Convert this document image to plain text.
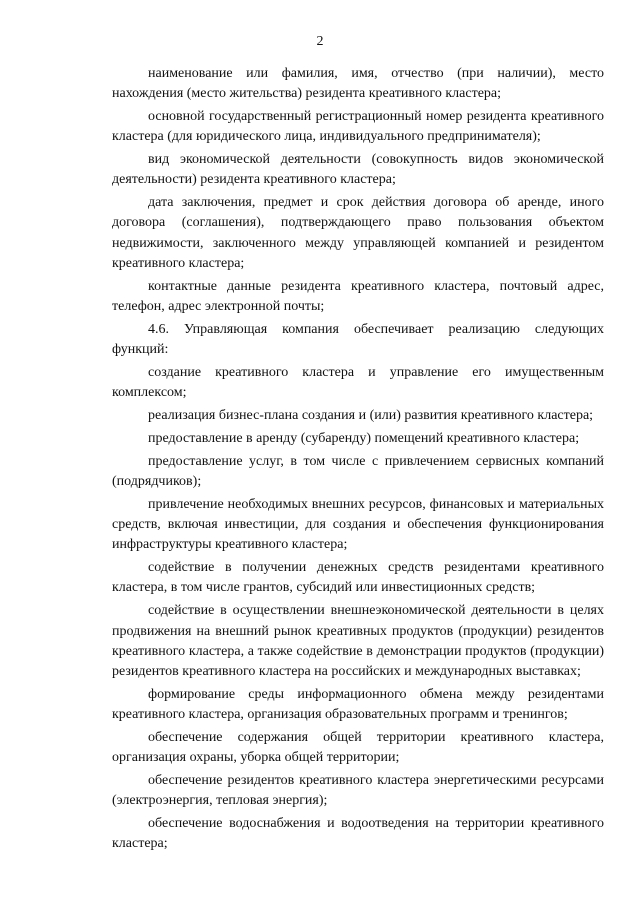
2

наименование или фамилия, имя, отчество (при наличии), место нахождения (место жительства) резидента креативного кластера;

основной государственный регистрационный номер резидента креативного кластера (для юридического лица, индивидуального предпринимателя);

вид экономической деятельности (совокупность видов экономической деятельности) резидента креативного кластера;

дата заключения, предмет и срок действия договора об аренде, иного договора (соглашения), подтверждающего право пользования объектом недвижимости, заключенного между управляющей компанией и резидентом креативного кластера;

контактные данные резидента креативного кластера, почтовый адрес, телефон, адрес электронной почты;

4.6. Управляющая компания обеспечивает реализацию следующих функций:

создание креативного кластера и управление его имущественным комплексом;

реализация бизнес-плана создания и (или) развития креативного кластера;

предоставление в аренду (субаренду) помещений креативного кластера;

предоставление услуг, в том числе с привлечением сервисных компаний (подрядчиков);

привлечение необходимых внешних ресурсов, финансовых и материальных средств, включая инвестиции, для создания и обеспечения функционирования инфраструктуры креативного кластера;

содействие в получении денежных средств резидентами креативного кластера, в том числе грантов, субсидий или инвестиционных средств;

содействие в осуществлении внешнеэкономической деятельности в целях продвижения на внешний рынок креативных продуктов (продукции) резидентов креативного кластера, а также содействие в демонстрации продуктов (продукции) резидентов креативного кластера на российских и международных выставках;

формирование среды информационного обмена между резидентами креативного кластера, организация образовательных программ и тренингов;

обеспечение содержания общей территории креативного кластера, организация охраны, уборка общей территории;

обеспечение резидентов креативного кластера энергетическими ресурсами (электроэнергия, тепловая энергия);

обеспечение водоснабжения и водоотведения на территории креативного кластера;
